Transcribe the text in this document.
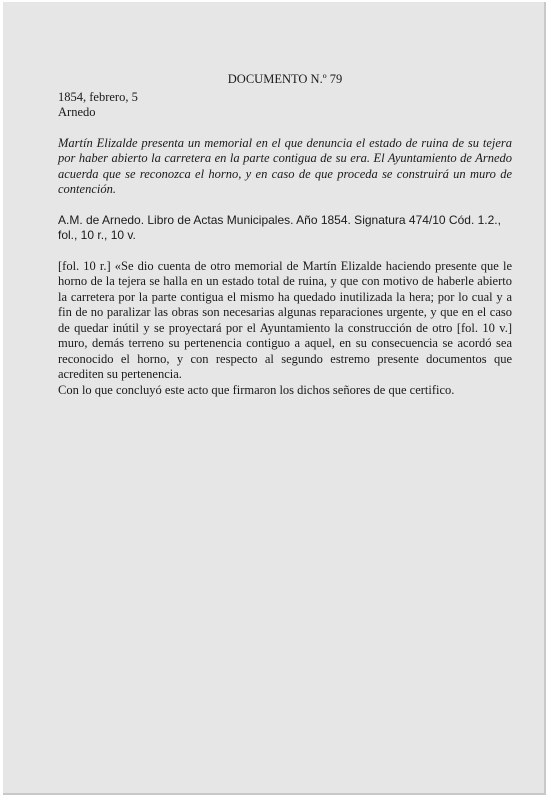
DOCUMENTO N.º 79

1854, febrero, 5

Arnedo

Martín Elizalde presenta un memorial en el que denuncia el estado de ruina de su tejera por haber abierto la carretera en la parte contigua de su era. El Ayuntamiento de Arnedo acuerda que se reconozca el horno, y en caso de que proceda se construirá un muro de contención.

A.M. de Arnedo. Libro de Actas Municipales. Año 1854. Signatura 474/10 Cód. 1.2., fol., 10 r., 10 v.

[fol. 10 r.] «Se dio cuenta de otro memorial de Martín Elizalde haciendo presente que le horno de la tejera se halla en un estado total de ruina, y que con motivo de haberle abierto la carretera por la parte contigua el mismo ha quedado inutilizada la hera; por lo cual y a fin de no paralizar las obras son necesarias algunas reparaciones urgente, y que en el caso de quedar inútil y se proyectará por el Ayuntamiento la construcción de otro [fol. 10 v.] muro, demás terreno su pertenencia contiguo a aquel, en su consecuencia se acordó sea reconocido el horno, y con respecto al segundo estremo presente documentos que acrediten su pertenencia.

Con lo que concluyó este acto que firmaron los dichos señores de que certifico.
